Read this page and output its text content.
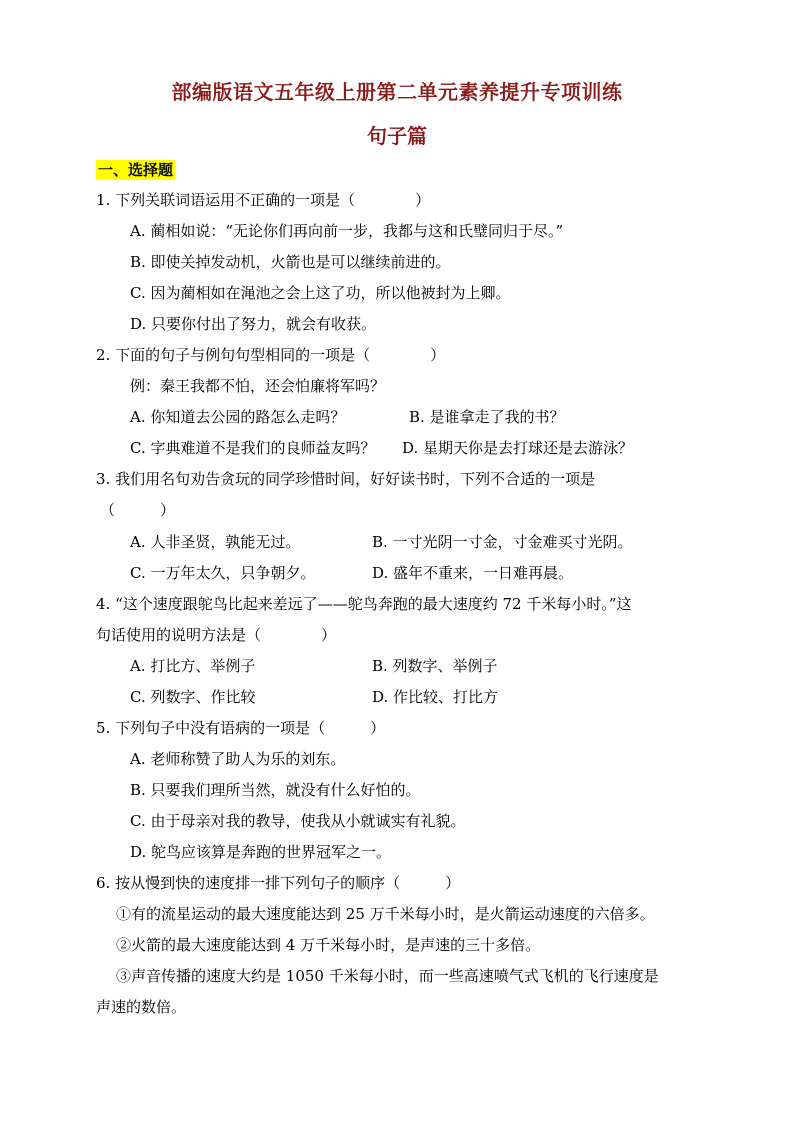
部编版语文五年级上册第二单元素养提升专项训练
句子篇
一、选择题
1. 下列关联词语运用不正确的一项是（　　　　）
A. 蔺相如说：“无论你们再向前一步，我都与这和氏璧同归于尽。”
B. 即使关掉发动机，火箭也是可以继续前进的。
C. 因为蔺相如在渑池之会上这了功，所以他被封为上卿。
D. 只要你付出了努力，就会有收获。
2. 下面的句子与例句句型相同的一项是（　　　　）
例：秦王我都不怕，还会怕廉将军吗？
A. 你知道去公园的路怎么走吗？	B. 是谁拿走了我的书？
C. 字典难道不是我们的良师益友吗？ D. 星期天你是去打球还是去游泳？
3. 我们用名句劝告贪玩的同学珍惜时间，好好读书时，下列不合适的一项是
（　　　）
A. 人非圣贤，孰能无过。	B. 一寸光阴一寸金，寸金难买寸光阴。
C. 一万年太久，只争朝夕。	D. 盛年不重来，一日难再晨。
4. “这个速度跟鸵鸟比起来差远了——鸵鸟奔跑的最大速度约 72 千米每小时。”这
句话使用的说明方法是（　　　　）
A. 打比方、举例子	B. 列数字、举例子
C. 列数字、作比较	D. 作比较、打比方
5. 下列句子中没有语病的一项是（　　　）
A. 老师称赞了助人为乐的刘东。
B. 只要我们理所当然，就没有什么好怕的。
C. 由于母亲对我的教导，使我从小就诚实有礼貌。
D. 鸵鸟应该算是奔跑的世界冠军之一。
6. 按从慢到快的速度排一排下列句子的顺序（　　　）
①有的流星运动的最大速度能达到 25 万千米每小时，是火箭运动速度的六倍多。
②火箭的最大速度能达到 4 万千米每小时，是声速的三十多倍。
③声音传播的速度大约是 1050 千米每小时，而一些高速喷气式飞机的飞行速度是
声速的数倍。
